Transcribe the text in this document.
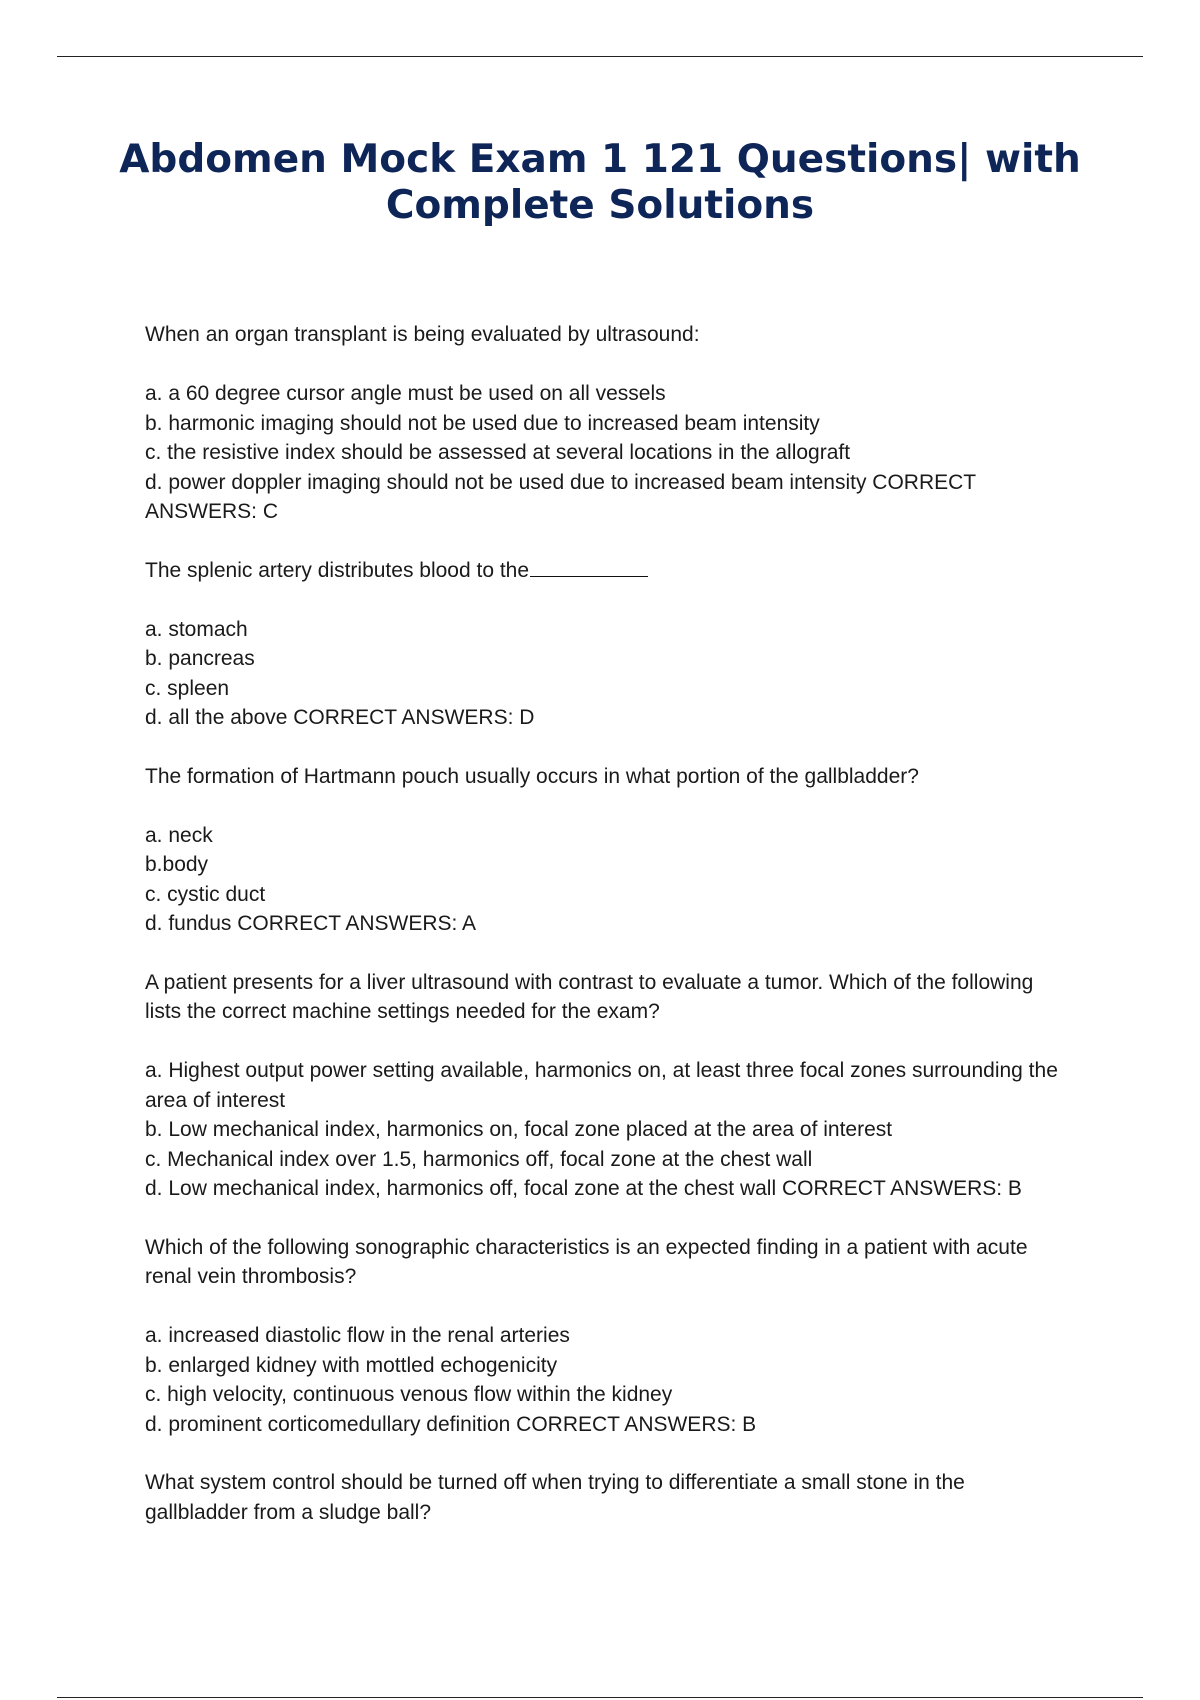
Abdomen Mock Exam 1 121 Questions| with Complete Solutions

When an organ transplant is being evaluated by ultrasound:

a. a 60 degree cursor angle must be used on all vessels

b. harmonic imaging should not be used due to increased beam intensity

c. the resistive index should be assessed at several locations in the allograft

d. power doppler imaging should not be used due to increased beam intensity CORRECT ANSWERS: C

The splenic artery distributes blood to the

a. stomach

b. pancreas

c. spleen

d. all the above CORRECT ANSWERS: D

The formation of Hartmann pouch usually occurs in what portion of the gallbladder?

a. neck

b.body

c. cystic duct

d. fundus CORRECT ANSWERS: A

A patient presents for a liver ultrasound with contrast to evaluate a tumor. Which of the following lists the correct machine settings needed for the exam?

a. Highest output power setting available, harmonics on, at least three focal zones surrounding the area of interest

b. Low mechanical index, harmonics on, focal zone placed at the area of interest

c. Mechanical index over 1.5, harmonics off, focal zone at the chest wall

d. Low mechanical index, harmonics off, focal zone at the chest wall CORRECT ANSWERS: B

Which of the following sonographic characteristics is an expected finding in a patient with acute renal vein thrombosis?

a. increased diastolic flow in the renal arteries

b. enlarged kidney with mottled echogenicity

c. high velocity, continuous venous flow within the kidney

d. prominent corticomedullary definition CORRECT ANSWERS: B

What system control should be turned off when trying to differentiate a small stone in the gallbladder from a sludge ball?
